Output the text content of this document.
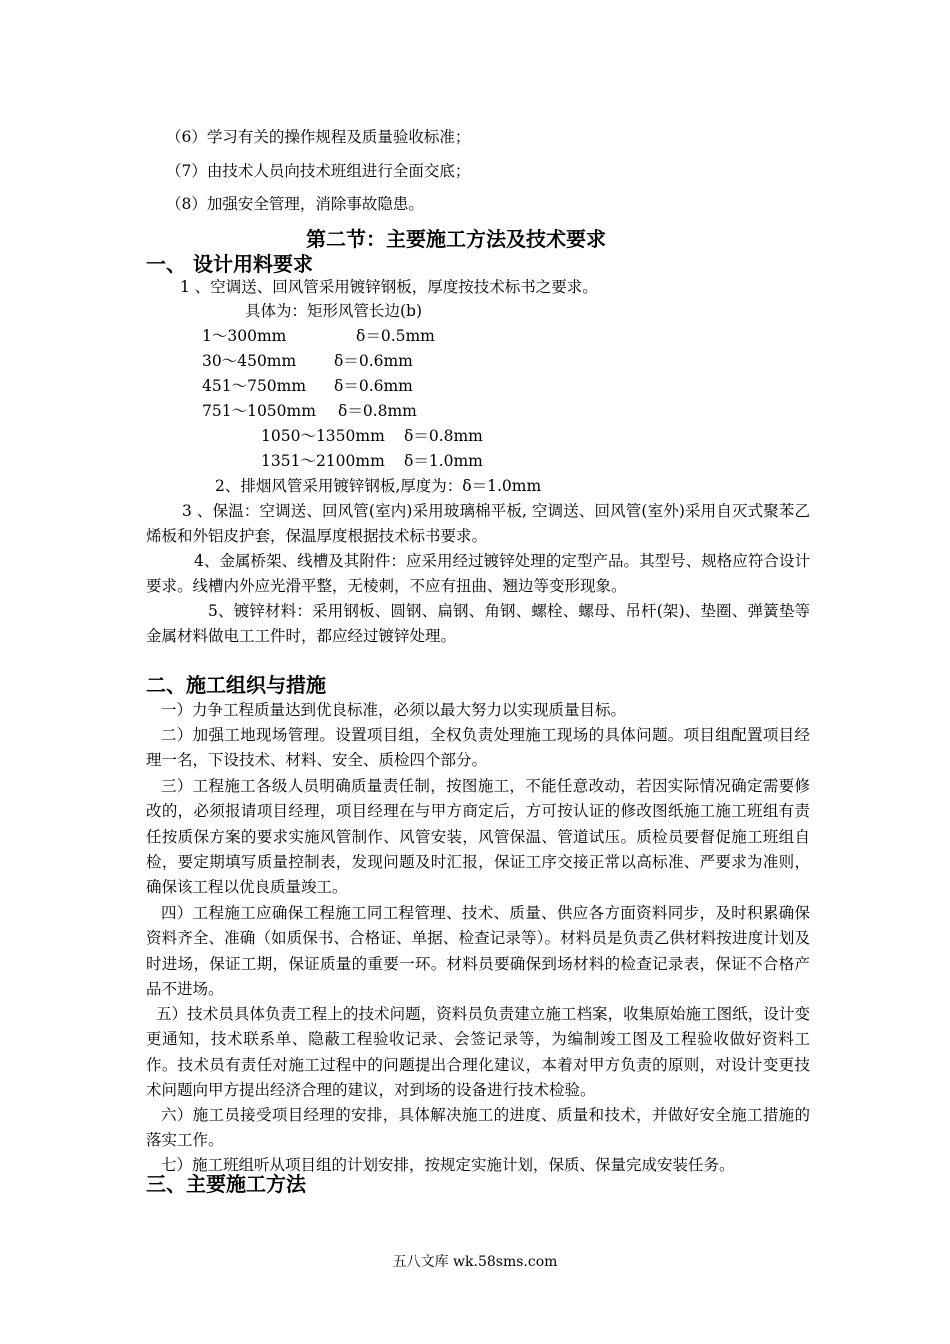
（6）学习有关的操作规程及质量验收标准；
（7）由技术人员向技术班组进行全面交底；
（8）加强安全管理，消除事故隐患。
第二节：主要施工方法及技术要求
一、 设计用料要求
1 、空调送、回风管采用镀锌钢板，厚度按技术标书之要求。
具体为：矩形风管长边(b)
1～300mm	δ＝0.5mm
30～450mm δ＝0.6mm
451～750mm δ＝0.6mm
751～1050mm δ＝0.8mm
1050～1350mm δ＝0.8mm
1351～2100mm δ＝1.0mm
2、排烟风管采用镀锌钢板,厚度为：δ＝1.0mm
3 、保温：空调送、回风管(室内)采用玻璃棉平板, 空调送、回风管(室外)采用自灭式聚苯乙烯板和外铝皮护套，保温厚度根据技术标书要求。
4、金属桥架、线槽及其附件：应采用经过镀锌处理的定型产品。其型号、规格应符合设计要求。线槽内外应光滑平整，无棱刺，不应有扭曲、翘边等变形现象。
5、镀锌材料：采用钢板、圆钢、扁钢、角钢、螺栓、螺母、吊杆(架)、垫圈、弹簧垫等金属材料做电工工件时，都应经过镀锌处理。
二、施工组织与措施
一）力争工程质量达到优良标准，必须以最大努力以实现质量目标。
二）加强工地现场管理。设置项目组，全权负责处理施工现场的具体问题。项目组配置项目经理一名，下设技术、材料、安全、质检四个部分。
三）工程施工各级人员明确质量责任制，按图施工，不能任意改动，若因实际情况确定需要修改的，必须报请项目经理，项目经理在与甲方商定后，方可按认证的修改图纸施工施工班组有责任按质保方案的要求实施风管制作、风管安装，风管保温、管道试压。质检员要督促施工班组自检，要定期填写质量控制表，发现问题及时汇报，保证工序交接正常以高标准、严要求为准则，确保该工程以优良质量竣工。
四）工程施工应确保工程施工同工程管理、技术、质量、供应各方面资料同步，及时积累确保资料齐全、准确（如质保书、合格证、单据、检查记录等）。材料员是负责乙供材料按进度计划及时进场，保证工期，保证质量的重要一环。材料员要确保到场材料的检查记录表，保证不合格产品不进场。
五）技术员具体负责工程上的技术问题，资料员负责建立施工档案，收集原始施工图纸，设计变更通知，技术联系单、隐蔽工程验收记录、会签记录等，为编制竣工图及工程验收做好资料工作。技术员有责任对施工过程中的问题提出合理化建议，本着对甲方负责的原则，对设计变更技术问题向甲方提出经济合理的建议，对到场的设备进行技术检验。
六）施工员接受项目经理的安排，具体解决施工的进度、质量和技术，并做好安全施工措施的落实工作。
七）施工班组听从项目组的计划安排，按规定实施计划，保质、保量完成安装任务。
三、主要施工方法
五八文库 wk.58sms.com
